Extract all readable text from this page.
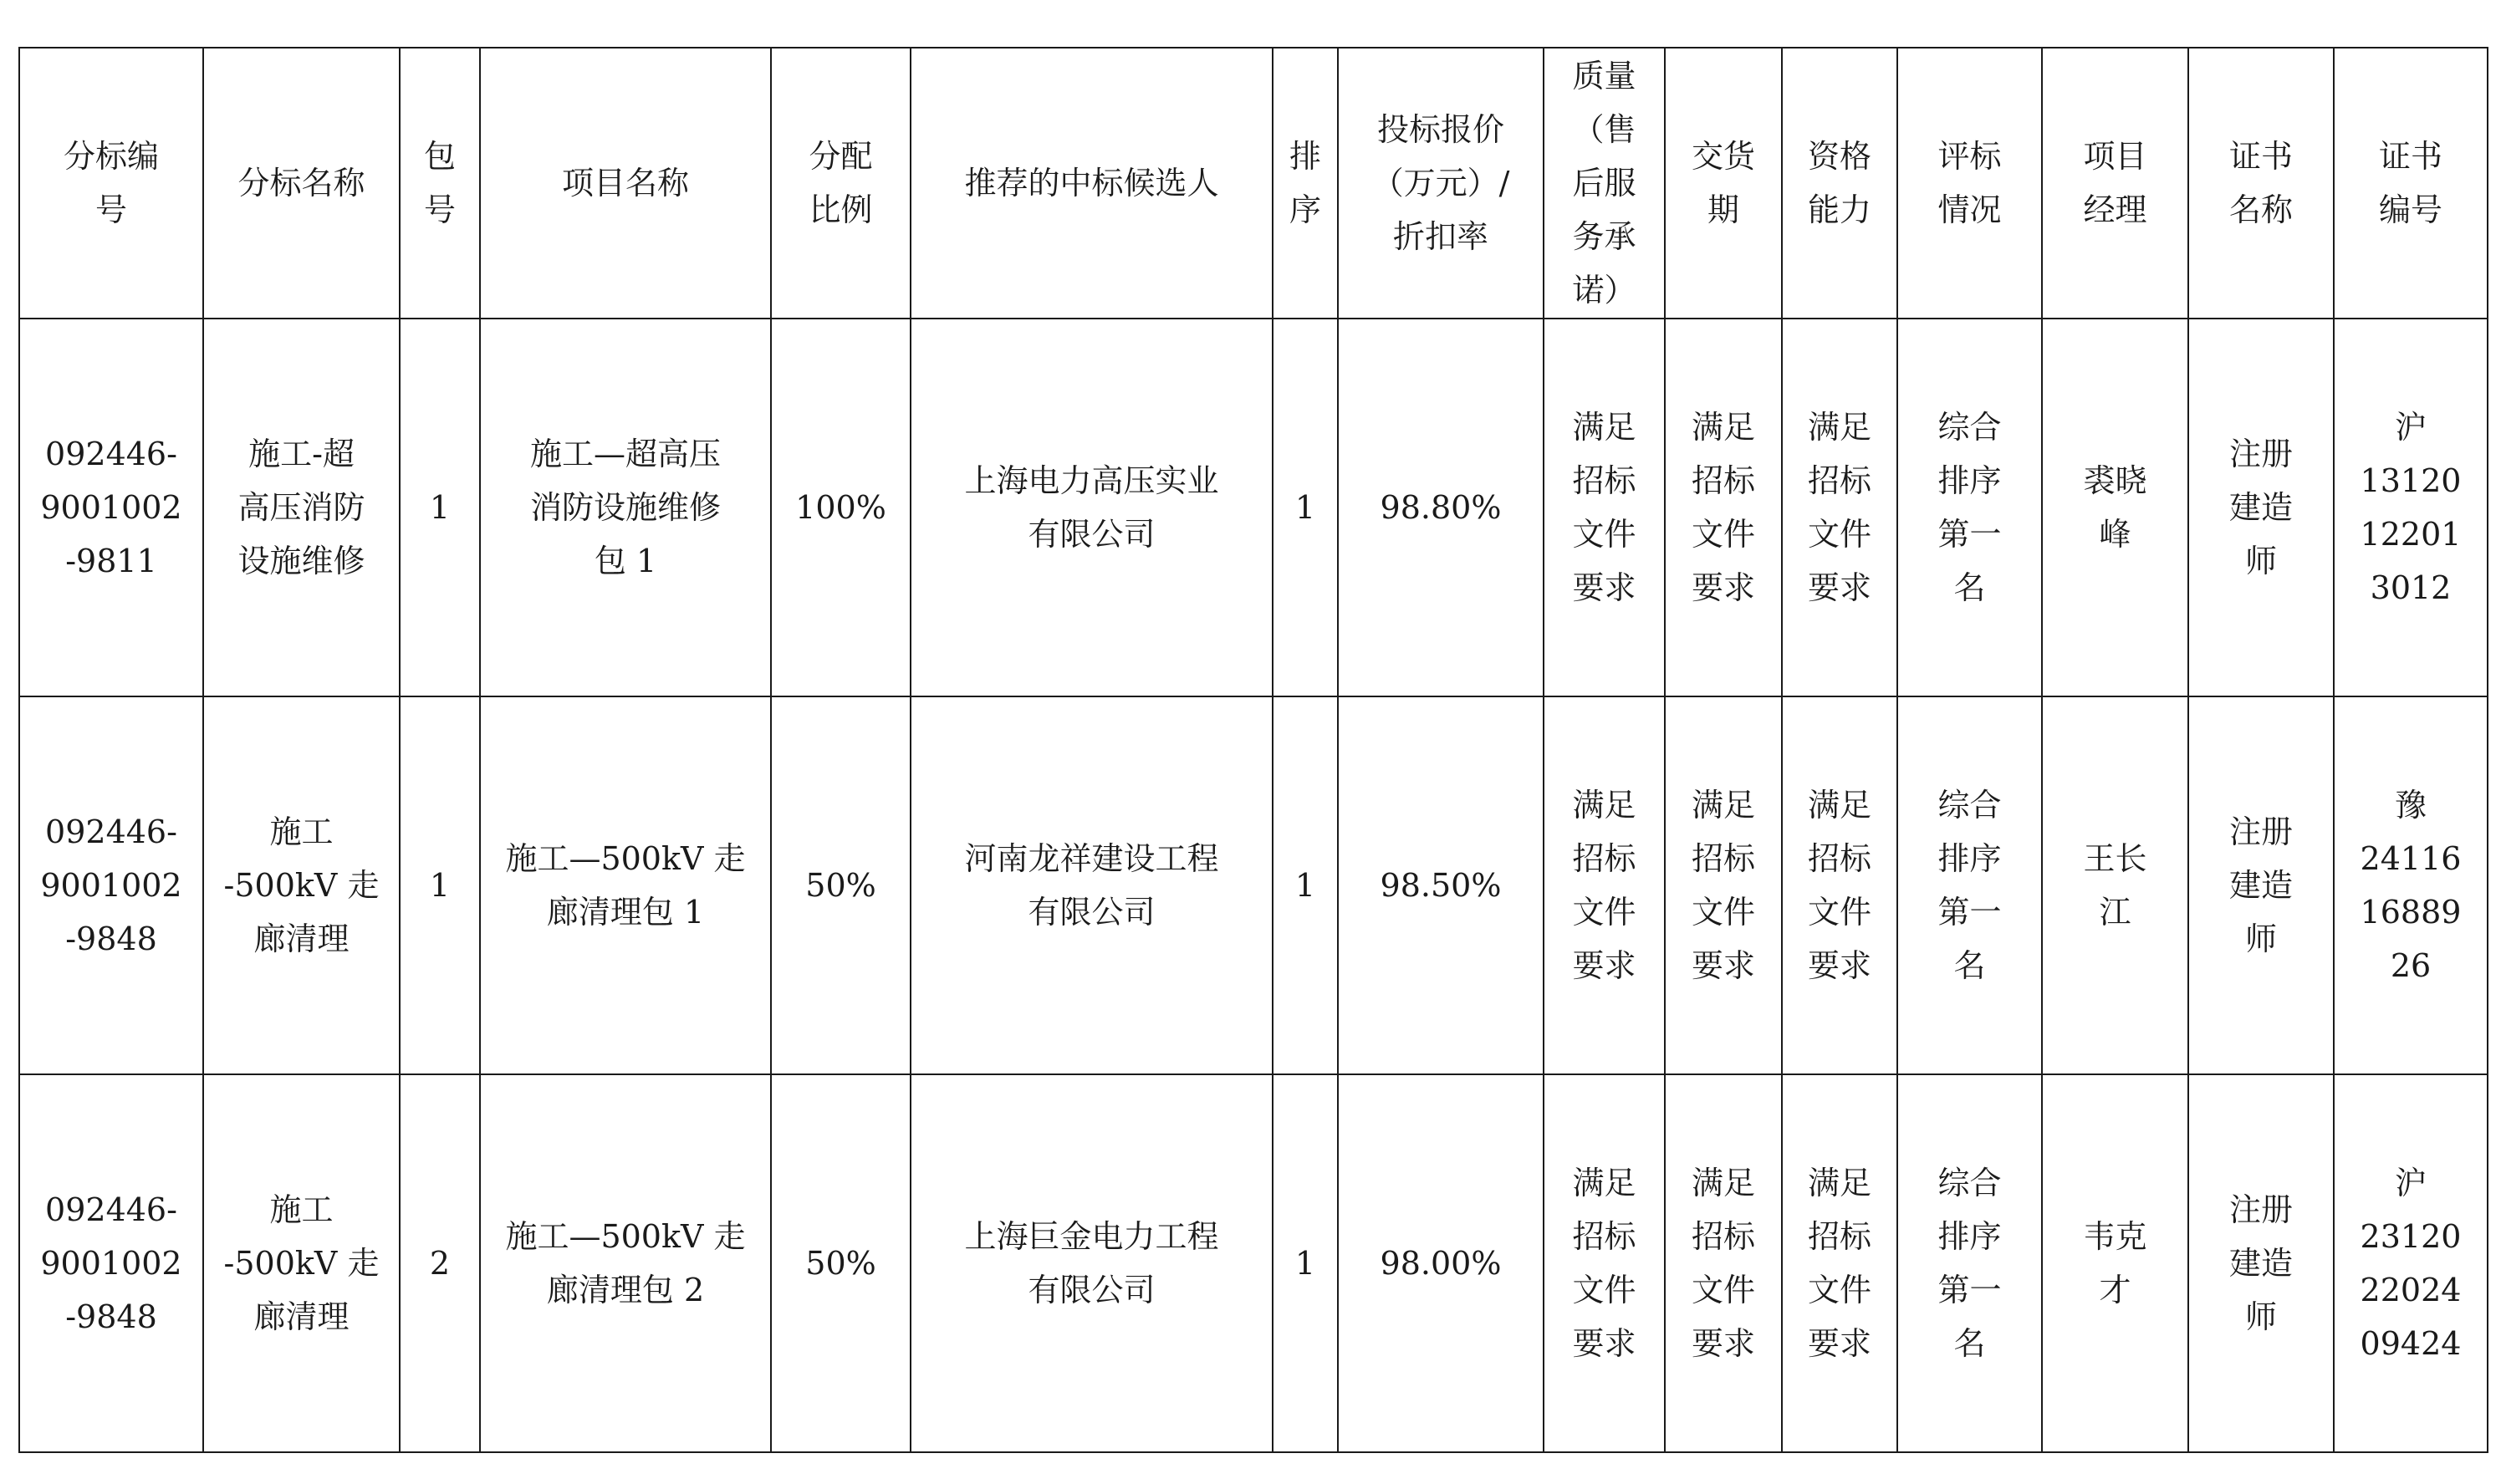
分标编
号	分标名称	包
号	项目名称	分配
比例	推荐的中标候选人	排
序	投标报价
（万元）/
折扣率	质量
（售
后服
务承
诺）	交货
期	资格
能力	评标
情况	项目
经理	证书
名称	证书
编号
092446-
9001002
-9811	施工-超
高压消防
设施维修	1	施工—超高压
消防设施维修
包 1	100%	上海电力高压实业
有限公司	1	98.80%	满足
招标
文件
要求	满足
招标
文件
要求	满足
招标
文件
要求	综合
排序
第一
名	裘晓
峰	注册
建造
师	沪
13120
12201
3012
092446-
9001002
-9848	施工
-500kV 走
廊清理	1	施工—500kV 走
廊清理包 1	50%	河南龙祥建设工程
有限公司	1	98.50%	满足
招标
文件
要求	满足
招标
文件
要求	满足
招标
文件
要求	综合
排序
第一
名	王长
江	注册
建造
师	豫
24116
16889
26
092446-
9001002
-9848	施工
-500kV 走
廊清理	2	施工—500kV 走
廊清理包 2	50%	上海巨金电力工程
有限公司	1	98.00%	满足
招标
文件
要求	满足
招标
文件
要求	满足
招标
文件
要求	综合
排序
第一
名	韦克
才	注册
建造
师	沪
23120
22024
09424
